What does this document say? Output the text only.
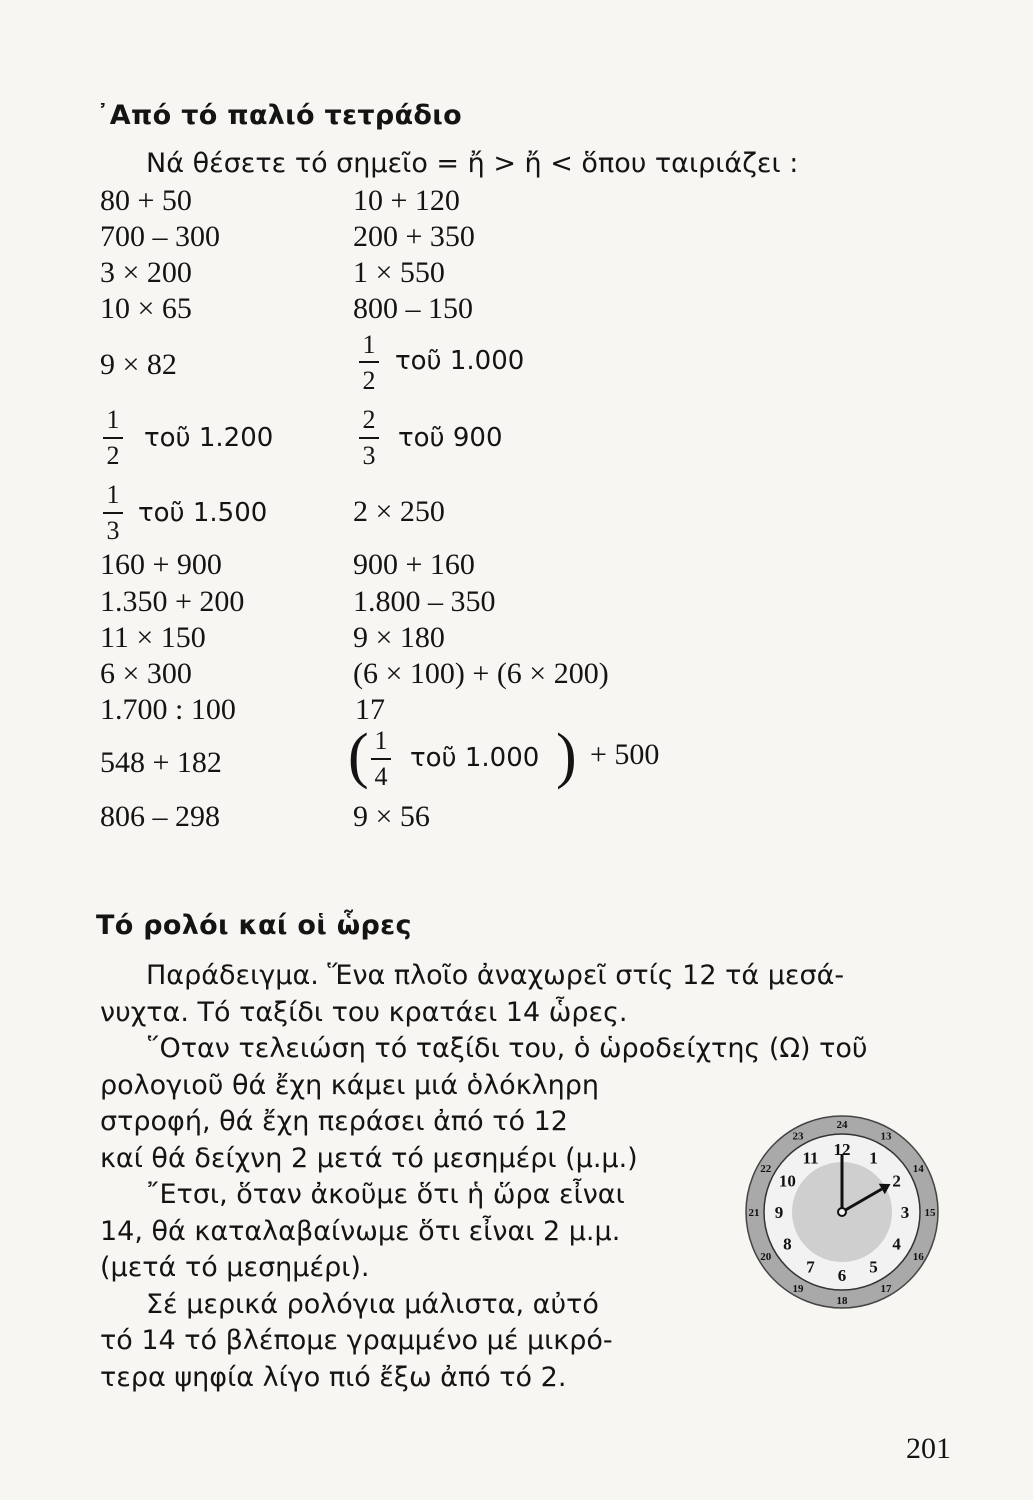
᾿Από τό παλιό τετράδιο
Νά θέσετε τό σημεῖο = ἤ > ἤ < ὅπου ταιριάζει :
80 + 50
700 – 300
3 × 200
10 × 65
9 × 82
1
2
τοῦ 1.200
1
3
τοῦ 1.500
160 + 900
1.350 + 200
11 × 150
6 × 300
1.700 : 100
548 + 182
806 – 298
10 + 120
200 + 350
1 × 550
800 – 150
1
2
τοῦ 1.000
2
3
τοῦ 900
2 × 250
900 + 160
1.800 – 350
9 × 180
(6 × 100) + (6 × 200)
17
( 1
4
τοῦ 1.000 ) + 500
9 × 56
Τό ρολόι καί οἱ ὧρες
Παράδειγμα. Ἕνα πλοῖο ἀναχωρεῖ στίς 12 τά μεσά-
νυχτα. Τό ταξίδι του κρατάει 14 ὧρες.
῞Οταν τελειώση τό ταξίδι του, ὁ ὡροδείχτης (Ω) τοῦ
ρολογιοῦ θά ἔχη κάμει μιά ὁλόκληρη
στροφή, θά ἔχη περάσει ἀπό τό 12
καί θά δείχνη 2 μετά τό μεσημέρι (μ.μ.)
῎Ετσι, ὅταν ἀκοῦμε ὅτι ἡ ὥρα εἶναι
14, θά καταλαβαίνωμε ὅτι εἶναι 2 μ.μ.
(μετά τό μεσημέρι).
Σέ μερικά ρολόγια μάλιστα, αὐτό
τό 14 τό βλέπομε γραμμένο μέ μικρό-
τερα ψηφία λίγο πιό ἔξω ἀπό τό 2.
12 1
2
3
4
5
6
7
8
9
10
11
24
13
14
15
16
17
18
19
20
21
22
23
201
